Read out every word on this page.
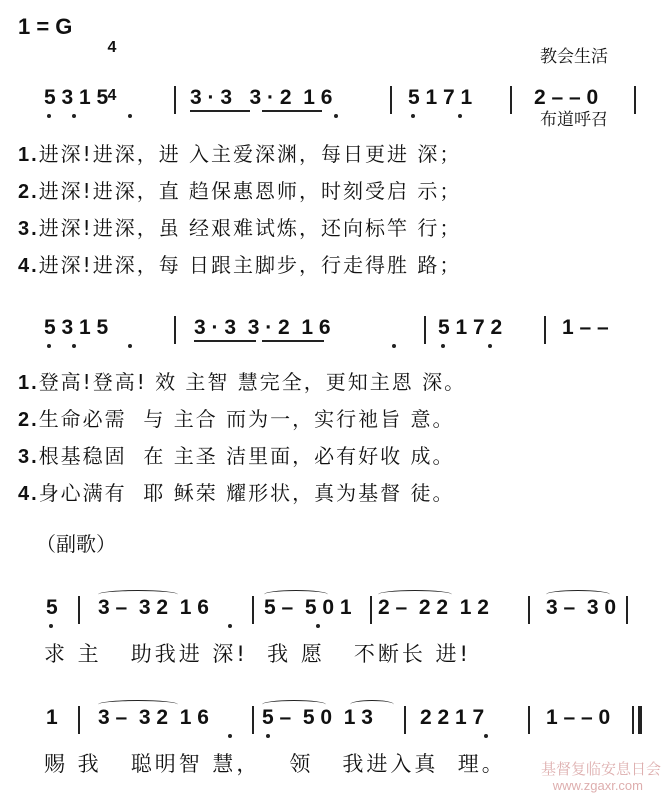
1 = G

4

4

教会生活

布道呼召

5 3 1 5	3 · 3   3 · 2  1 6	5 1 7 1	2 – – 0
1.进深!进深，进 入主爱深渊，每日更进 深；
2.进深!进深，直 趋保惠恩师，时刻受启 示；
3.进深!进深，虽 经艰难试炼，还向标竿 行；
4.进深!进深，每 日跟主脚步，行走得胜 路；
5 3 1 5	3 · 3  3 · 2  1 6	5 1 7 2	1 – –
1.登高!登高! 效 主智 慧完全，更知主恩 深。
2.生命必需  与 主合 而为一，实行祂旨 意。
3.根基稳固  在 主圣 洁里面，必有好收 成。
4.身心满有  耶 稣荣 耀形状，真为基督 徒。
（副歌）
5 3 –  3 2  1 6	5 –  5 0 1 2 –  2 2  1 2	3 –  3 0
求 主   助我进 深!  我 愿   不断长 进!
1 3 –  3 2  1 6	5 –  5 0  1 3 2 2 1 7	1 – – 0
赐 我   聪明智 慧，   领   我进入真  理。 基督复临安息日会
www.zgaxr.com
